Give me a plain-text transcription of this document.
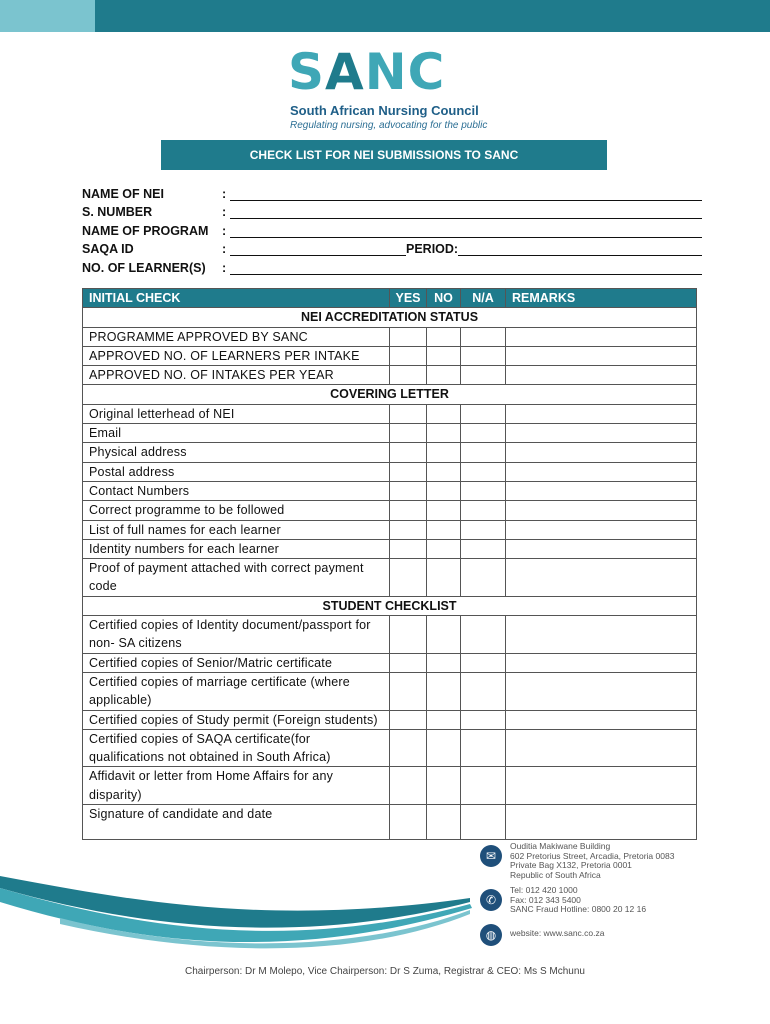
SANC
South African Nursing Council
Regulating nursing, advocating for the public
CHECK LIST FOR NEI SUBMISSIONS TO SANC
NAME OF NEI	:
S. NUMBER	:
NAME OF PROGRAM	:
SAQA ID	:	PERIOD:
NO. OF LEARNER(S)	:
INITIAL CHECK	YES	NO	N/A	REMARKS
NEI ACCREDITATION STATUS				
PROGRAMME APPROVED BY SANC				
APPROVED NO. OF LEARNERS PER INTAKE				
APPROVED NO. OF INTAKES PER YEAR				
COVERING LETTER				
Original letterhead of NEI				
Email				
Physical address				
Postal address				
Contact Numbers				
Correct programme to be followed				
List of full names for each learner				
Identity numbers for each learner				
Proof of payment attached with correct payment code				
STUDENT CHECKLIST				
Certified copies of Identity document/passport for non- SA citizens				
Certified copies of Senior/Matric certificate				
Certified copies of marriage certificate (where applicable)				
Certified copies of Study permit (Foreign students)				
Certified copies of SAQA certificate(for qualifications not obtained in South Africa)				
Affidavit or letter from Home Affairs for any disparity)				
Signature of candidate and date				
✉
Ouditia Makiwane Building
602 Pretorius Street, Arcadia, Pretoria 0083
Private Bag X132, Pretoria 0001
Republic of South Africa
✆
Tel: 012 420 1000
Fax: 012 343 5400
SANC Fraud Hotline: 0800 20 12 16
◍	website: www.sanc.co.za
Chairperson: Dr M Molepo, Vice Chairperson: Dr S Zuma, Registrar & CEO: Ms S Mchunu
